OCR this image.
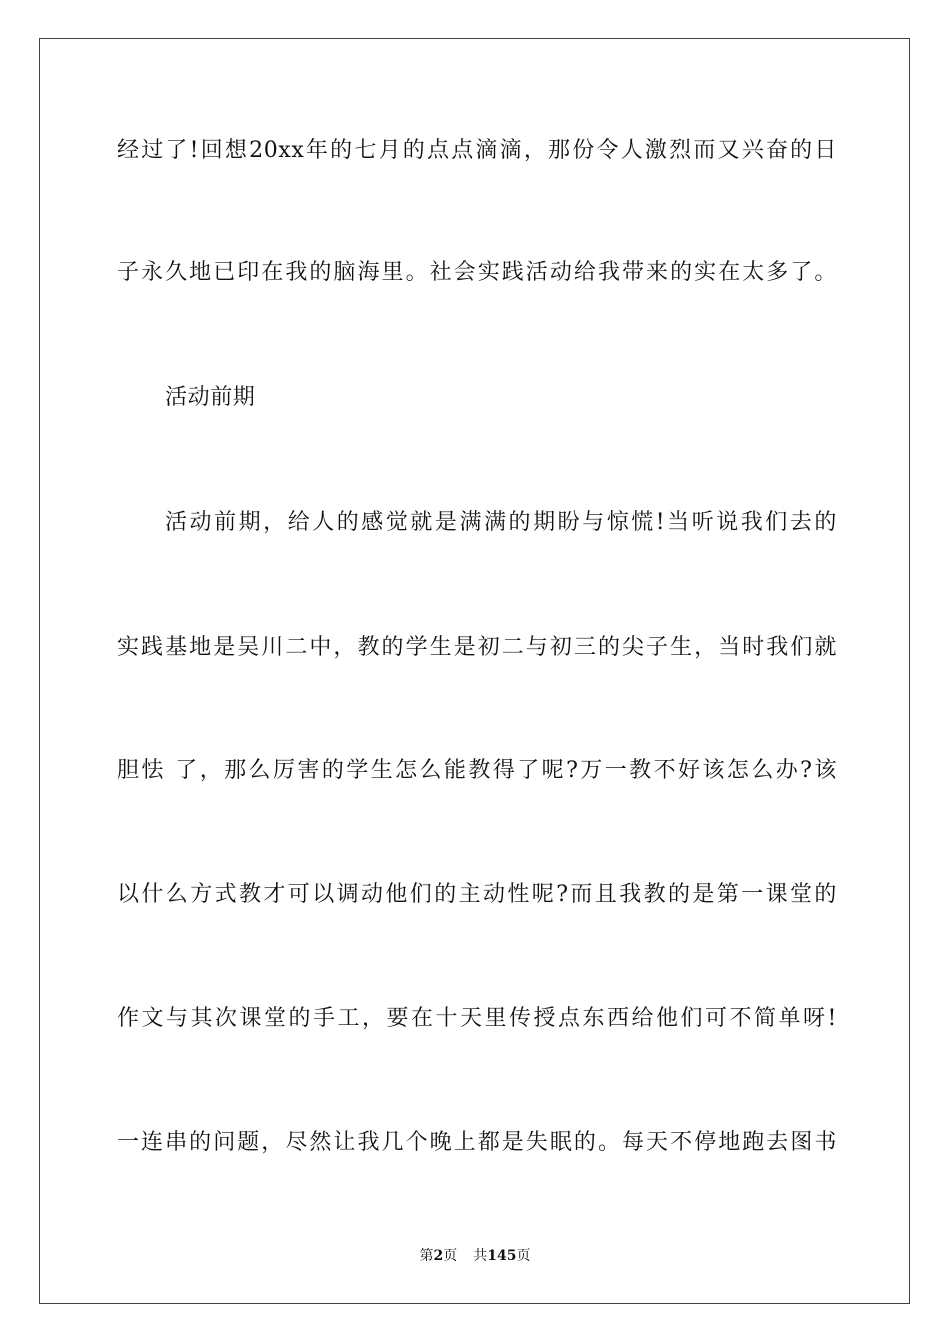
经过了!回想20xx年的七月的点点滴滴，那份令人激烈而又兴奋的日
子永久地已印在我的脑海里。社会实践活动给我带来的实在太多了。
活动前期
活动前期，给人的感觉就是满满的期盼与惊慌!当听说我们去的
实践基地是吴川二中，教的学生是初二与初三的尖子生，当时我们就
胆怯 了，那么厉害的学生怎么能教得了呢?万一教不好该怎么办?该
以什么方式教才可以调动他们的主动性呢?而且我教的是第一课堂的
作文与其次课堂的手工，要在十天里传授点东西给他们可不简单呀!
一连串的问题，尽然让我几个晚上都是失眠的。每天不停地跑去图书
第2页 共145页
